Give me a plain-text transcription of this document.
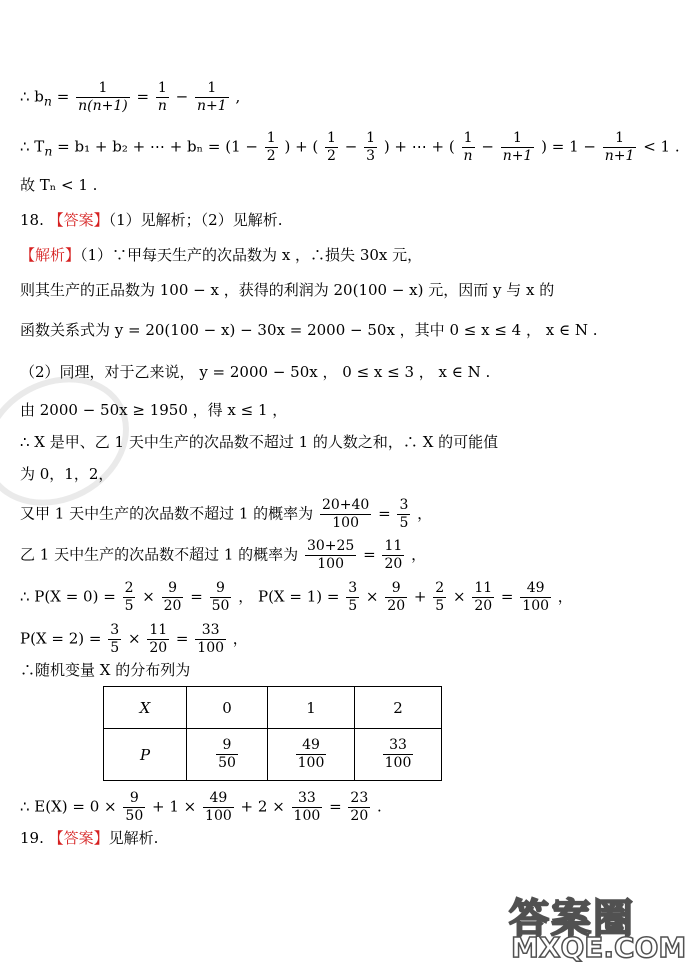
∴ $b_n = \frac{1}{n(n+1)} = \frac{1}{n} - \frac{1}{n+1}$ ,
∴ $T_n = b_1 + b_2$ + ⋯ + $b_n = (1 - \frac{1}{2}$ ) + ( $\frac{1}{2} - \frac{1}{3}$ ) + ⋯ + ( $\frac{1}{n} - \frac{1}{n+1}$ ) = $1 - \frac{1}{n+1} < 1$ .
故 Tₙ < 1 .
18. 【答案】（1）见解析；（2）见解析.
【解析】（1）∵甲每天生产的次品数为 x ，∴损失 30x 元，
则其生产的正品数为 100 − x ，获得的利润为 20(100 − x) 元，因而 y 与 x 的
函数关系式为 y = 20(100 − x) − 30x = 2000 − 50x ，其中 0 ≤ x ≤ 4 ， x ∈ N .
（2）同理，对于乙来说， y = 2000 − 50x ， 0 ≤ x ≤ 3 ， x ∈ N .
由 2000 − 50x ≥ 1950 ，得 x ≤ 1 ，
∴ X 是甲、乙 1 天中生产的次品数不超过 1 的人数之和，∴ X 的可能值
为 0，1，2，
又甲 1 天中生产的次品数不超过 1 的概率为 $\frac{20+40}{100} = \frac{3}{5}$ ，
乙 1 天中生产的次品数不超过 1 的概率为 $\frac{30+25}{100} = \frac{11}{20}$ ，
∴ $P(X = 0) = \frac{2}{5} \times \frac{9}{20} = \frac{9}{50}$ ， $P(X = 1) = \frac{3}{5} \times \frac{9}{20} + \frac{2}{5} \times \frac{11}{20} = \frac{49}{100}$ ，
$P(X = 2) = \frac{3}{5} \times \frac{11}{20} = \frac{33}{100}$ ，
∴随机变量 X 的分布列为
X	0	1	2
P	$\frac{9}{50}$	$\frac{49}{100}$	$\frac{33}{100}$
∴ $E(X) = 0 \times \frac{9}{50} + 1 \times \frac{49}{100} + 2 \times \frac{33}{100} = \frac{23}{20}$ .
19. 【答案】见解析.
答案圈
MXQE.COM
